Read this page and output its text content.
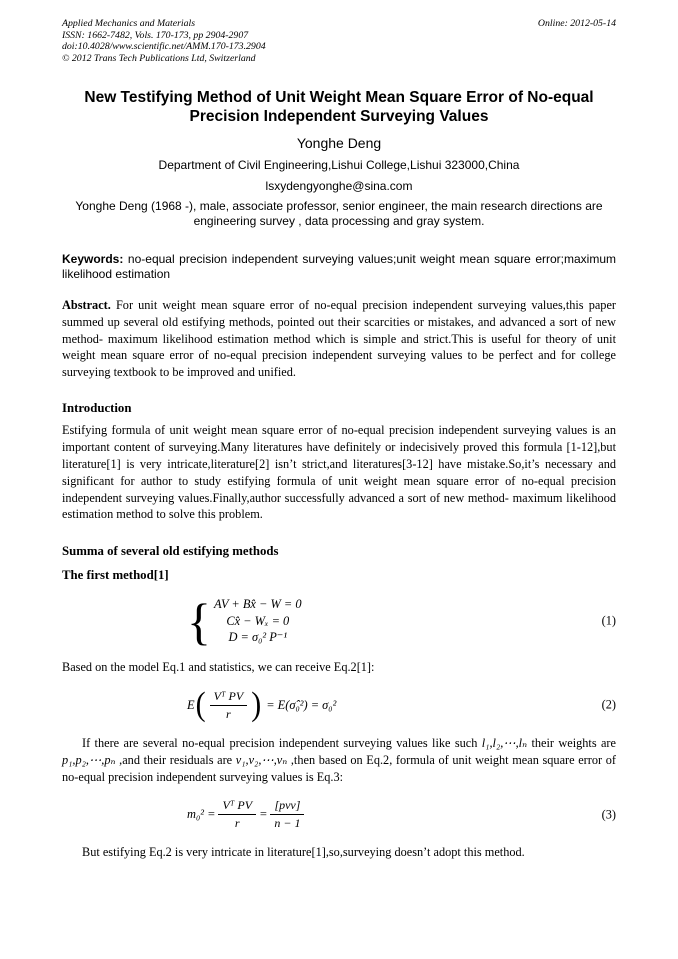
Applied Mechanics and Materials
ISSN: 1662-7482, Vols. 170-173, pp 2904-2907
doi:10.4028/www.scientific.net/AMM.170-173.2904
© 2012 Trans Tech Publications Ltd, Switzerland
Online: 2012-05-14
New Testifying Method of Unit Weight Mean Square Error of No-equal
Precision Independent Surveying Values
Yonghe Deng
Department of Civil Engineering,Lishui College,Lishui 323000,China
lsxydengyonghe@sina.com
Yonghe Deng (1968 -), male, associate professor, senior engineer, the main research directions are engineering survey , data processing and gray system.
Keywords: no-equal precision independent surveying values;unit weight mean square error;maximum likelihood estimation
Abstract. For unit weight mean square error of no-equal precision independent surveying values,this paper summed up several old estifying methods, pointed out their scarcities or mistakes, and advanced a sort of new method- maximum likelihood estimation method which is simple and strict.This is useful for theory of unit weight mean square error of no-equal precision independent surveying values to be perfect and for college surveying textbook to be improved and unified.
Introduction
Estifying formula of unit weight mean square error of no-equal precision independent surveying values is an important content of surveying.Many literatures have definitely or indecisively proved this formula [1-12],but literature[1] is very intricate,literature[2] isn’t strict,and literatures[3-12] have mistake.So,it’s necessary and significant for author to study estifying formula of unit weight mean square error of no-equal precision independent surveying values.Finally,author successfully advanced a sort of new method- maximum likelihood estimation method to solve this problem.
Summa of several old estifying methods
The first method[1]
{ AV + Bx̂ − W = 0
Cx̂ − Wₓ = 0
D = σ₀² P⁻¹
(1)
Based on the model Eq.1 and statistics, we can receive Eq.2[1]:
E ( $\frac{\text{Vᵀ PV}}{r}$ ) = E(σ̂₀²) = σ₀²	(2)
If there are several no-equal precision independent surveying values like such l₁,l₂,⋯,lₙ their weights are p₁,p₂,⋯,pₙ ,and their residuals are v₁,v₂,⋯,vₙ ,then based on Eq.2, formula of unit weight mean square error of no-equal precision independent surveying values is Eq.3:
$m_0^2 = \frac{\text{Vᵀ PV}}{r} = \frac{\text{[pvv]}}{n - 1}$	(3)
But estifying Eq.2 is very intricate in literature[1],so,surveying doesn’t adopt this method.
